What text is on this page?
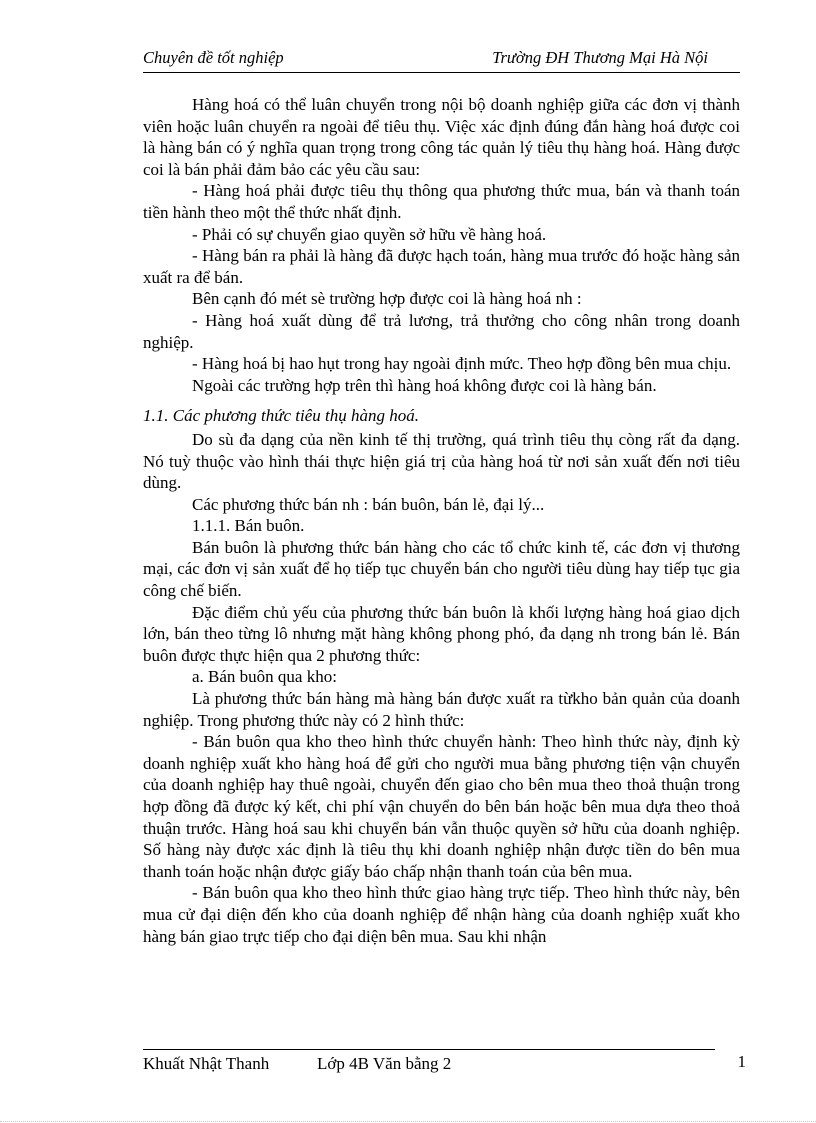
Chuyên đề tốt nghiệp	Trường ĐH Thương Mại Hà Nội

Hàng hoá có thể luân chuyển trong nội bộ doanh nghiệp giữa các đơn vị thành viên hoặc luân chuyển ra ngoài để tiêu thụ. Việc xác định đúng đắn hàng hoá được coi là hàng bán có ý nghĩa quan trọng trong công tác quản lý tiêu thụ hàng hoá. Hàng được coi là bán phải đảm bảo các yêu cầu sau:

- Hàng hoá phải được tiêu thụ thông qua phương thức mua, bán và thanh toán tiền hành theo một thể thức nhất định.

- Phải có sự chuyển giao quyền sở hữu về hàng hoá.

- Hàng bán ra phải là hàng đã được hạch toán, hàng mua trước đó hoặc hàng sản xuất ra để bán.

Bên cạnh đó mét sè trường hợp được coi là hàng hoá nh :

- Hàng hoá xuất dùng để trả lương, trả thưởng cho công nhân trong doanh nghiệp.

- Hàng hoá bị hao hụt trong hay ngoài định mức. Theo hợp đồng bên mua chịu.

Ngoài các trường hợp trên thì hàng hoá không được coi là hàng bán.

1.1. Các phương thức tiêu thụ hàng hoá.

Do sù đa dạng của nền kinh tế thị trường, quá trình tiêu thụ còng rất đa dạng. Nó tuỳ thuộc vào hình thái thực hiện giá trị của hàng hoá từ nơi sản xuất đến nơi tiêu dùng.

Các phương thức bán nh : bán buôn, bán lẻ, đại lý...

1.1.1. Bán buôn.

Bán buôn là phương thức bán hàng cho các tổ chức kinh tế, các đơn vị thương mại, các đơn vị sản xuất để họ tiếp tục chuyển bán cho người tiêu dùng hay tiếp tục gia công chế biến.

Đặc điểm chủ yếu của phương thức bán buôn là khối lượng hàng hoá giao dịch lớn, bán theo từng lô nhưng mặt hàng không phong phó, đa dạng nh trong bán lẻ. Bán buôn được thực hiện qua 2 phương thức:

a. Bán buôn qua kho:

Là phương thức bán hàng mà hàng bán được xuất ra từkho bản quản của doanh nghiệp. Trong phương thức này có 2 hình thức:

- Bán buôn qua kho theo hình thức chuyển hành: Theo hình thức này, định kỳ doanh nghiệp xuất kho hàng hoá để gửi cho người mua bằng phương tiện vận chuyển của doanh nghiệp hay thuê ngoài, chuyển đến giao cho bên mua theo thoả thuận trong hợp đồng đã được ký kết, chi phí vận chuyển do bên bán hoặc bên mua dựa theo thoả thuận trước. Hàng hoá sau khi chuyển bán vẫn thuộc quyền sở hữu của doanh nghiệp. Số hàng này được xác định là tiêu thụ khi doanh nghiệp nhận được tiền do bên mua thanh toán hoặc nhận được giấy báo chấp nhận thanh toán của bên mua.

- Bán buôn qua kho theo hình thức giao hàng trực tiếp. Theo hình thức này, bên mua cử đại diện đến kho của doanh nghiệp để nhận hàng của doanh nghiệp xuất kho hàng bán giao trực tiếp cho đại diện bên mua. Sau khi nhận

Khuất Nhật Thanh	Lớp 4B Văn bằng 2	1
